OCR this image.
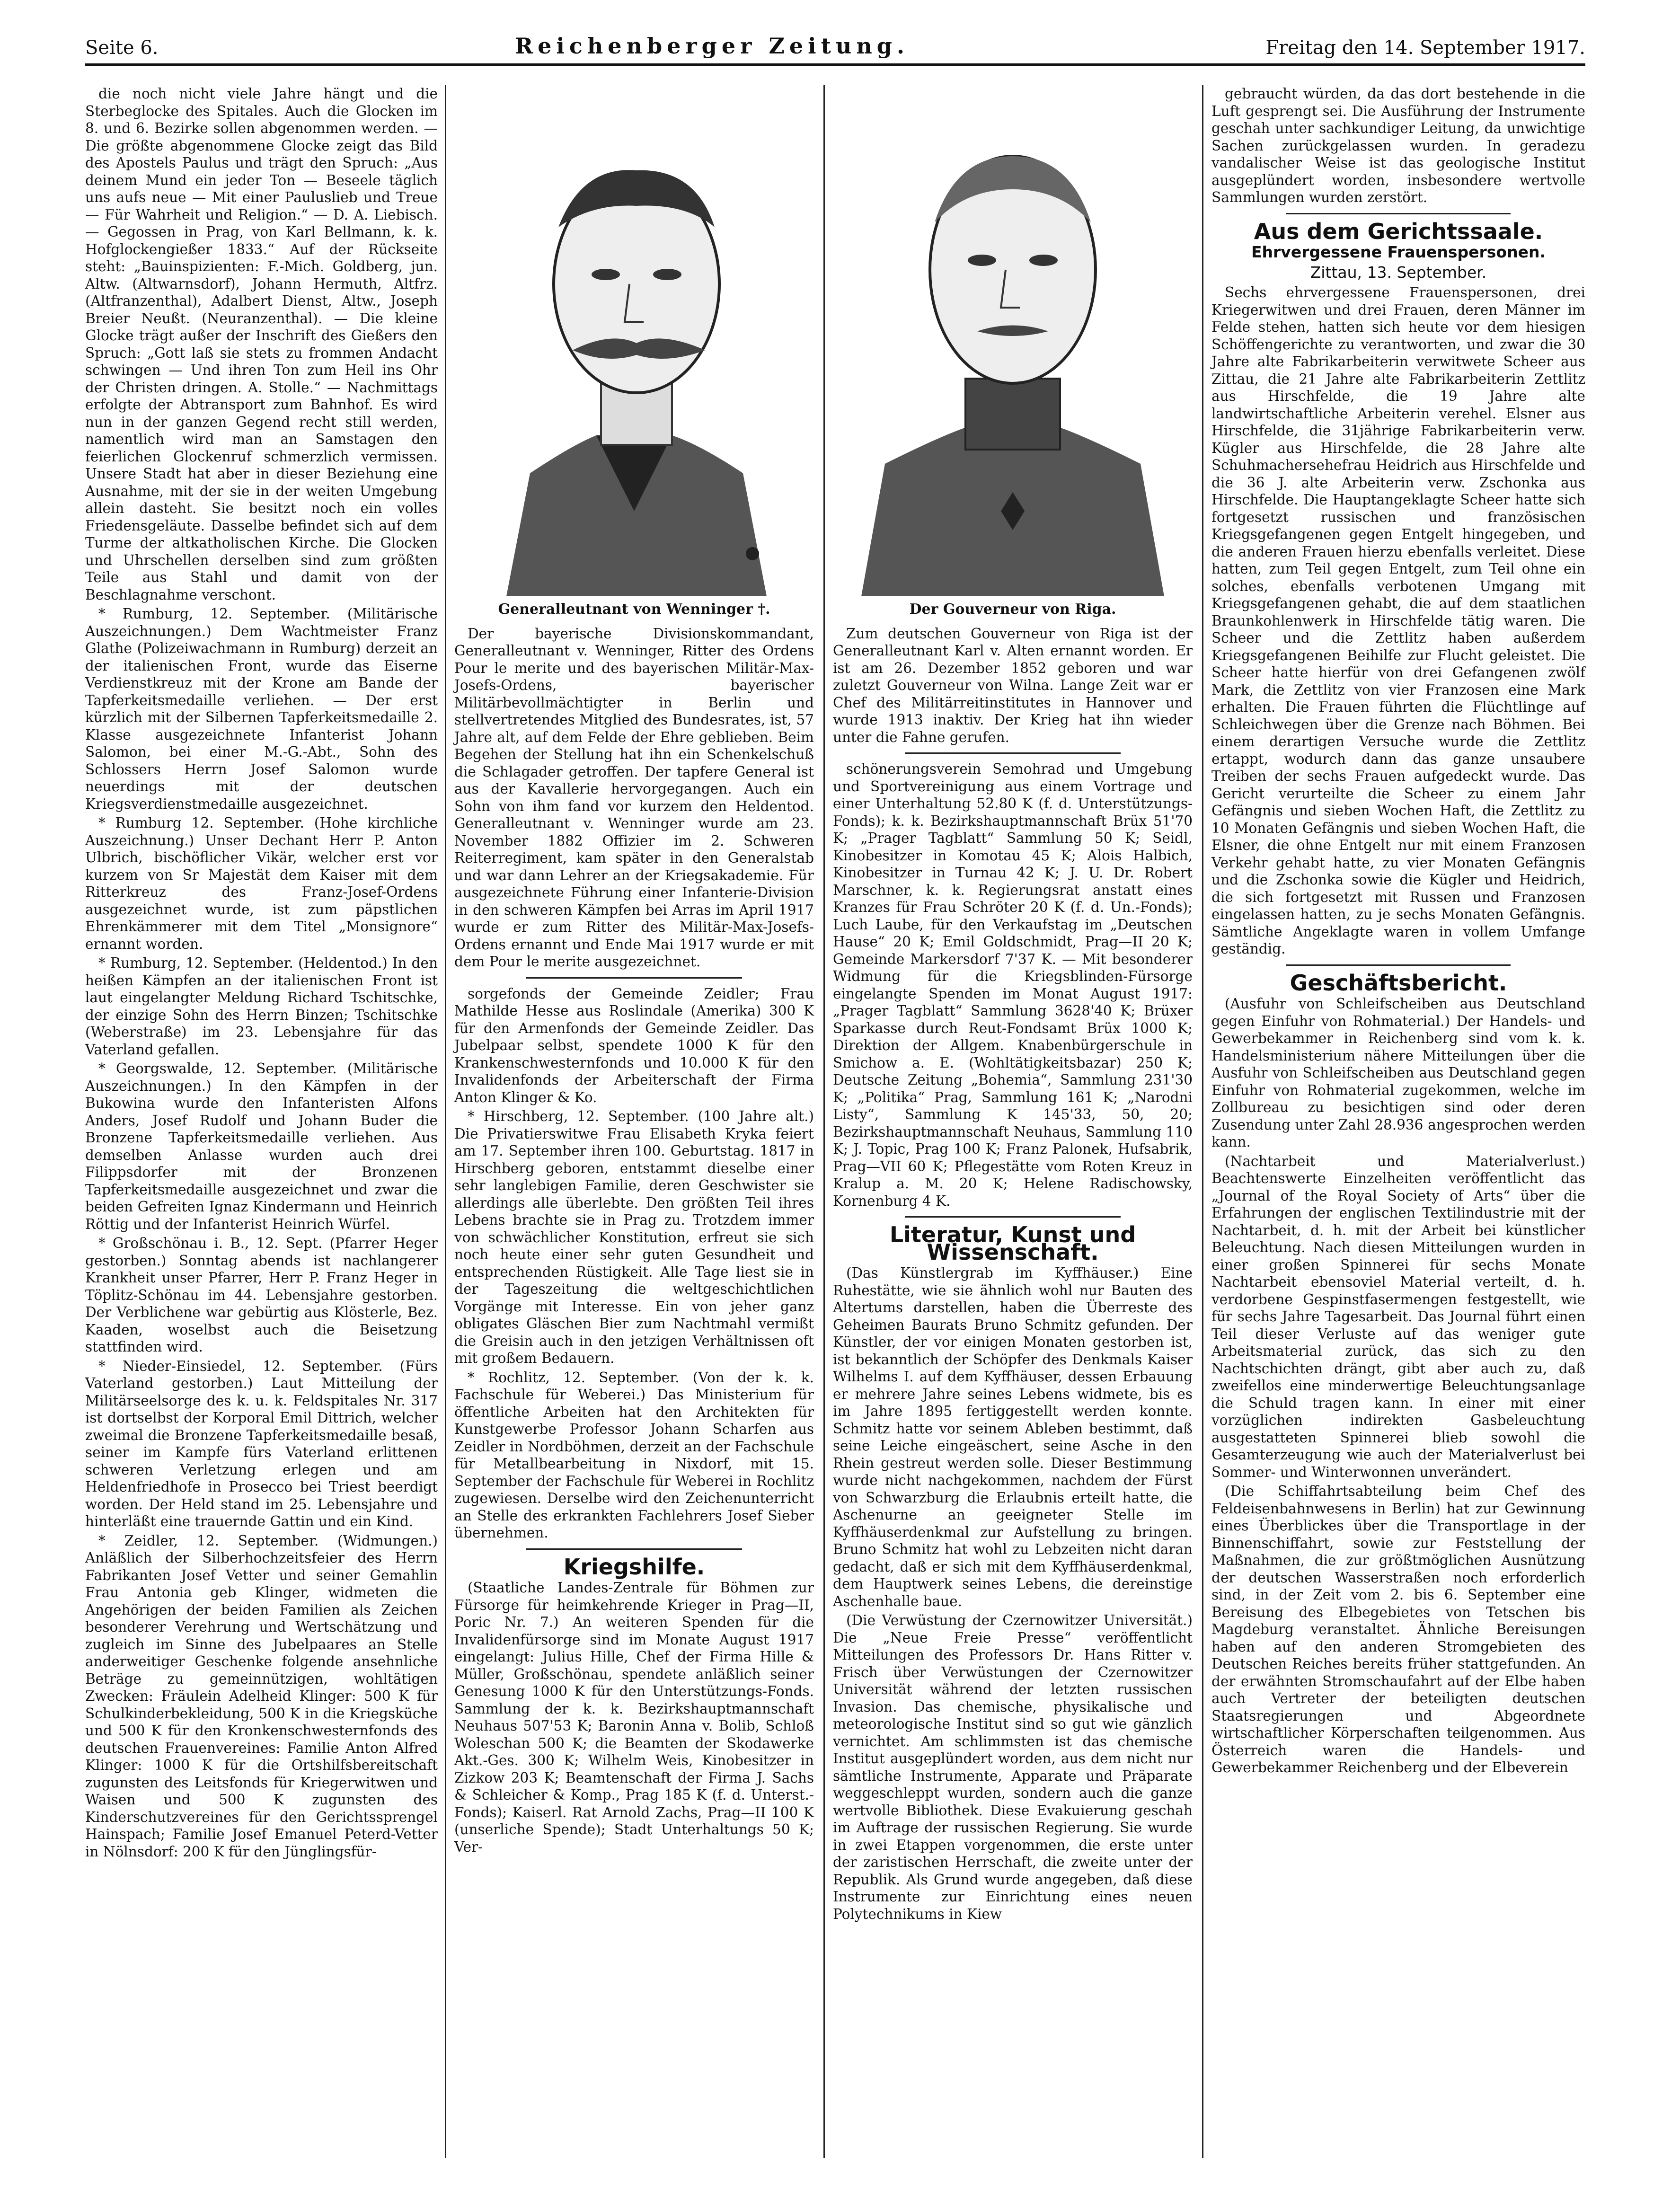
Seite 6.	Reichenberger Zeitung.	Freitag den 14. September 1917.

die noch nicht viele Jahre hängt und die Sterbeglocke des Spitales. Auch die Glocken im 8. und 6. Bezirke sollen abgenommen werden. — Die größte abgenommene Glocke zeigt das Bild des Apostels Paulus und trägt den Spruch: „Aus deinem Mund ein jeder Ton — Beseele täglich uns aufs neue — Mit einer Pauluslieb und Treue — Für Wahrheit und Religion.“ — D. A. Liebisch. — Gegossen in Prag, von Karl Bellmann, k. k. Hofglockengießer 1833.“ Auf der Rückseite steht: „Bauinspizienten: F.-Mich. Goldberg, jun. Altw. (Altwarnsdorf), Johann Hermuth, Altfrz. (Altfranzenthal), Adalbert Dienst, Altw., Joseph Breier Neußt. (Neuranzenthal). — Die kleine Glocke trägt außer der Inschrift des Gießers den Spruch: „Gott laß sie stets zu frommen Andacht schwingen — Und ihren Ton zum Heil ins Ohr der Christen dringen. A. Stolle.“ — Nachmittags erfolgte der Abtransport zum Bahnhof. Es wird nun in der ganzen Gegend recht still werden, namentlich wird man an Samstagen den feierlichen Glockenruf schmerzlich vermissen. Unsere Stadt hat aber in dieser Beziehung eine Ausnahme, mit der sie in der weiten Umgebung allein dasteht. Sie besitzt noch ein volles Friedensgeläute. Dasselbe befindet sich auf dem Turme der altkatholischen Kirche. Die Glocken und Uhrschellen derselben sind zum größten Teile aus Stahl und damit von der Beschlagnahme verschont.

* Rumburg, 12. September. (Militärische Auszeichnungen.) Dem Wachtmeister Franz Glathe (Polizeiwachmann in Rumburg) derzeit an der italienischen Front, wurde das Eiserne Verdienstkreuz mit der Krone am Bande der Tapferkeitsmedaille verliehen. — Der erst kürzlich mit der Silbernen Tapferkeitsmedaille 2. Klasse ausgezeichnete Infanterist Johann Salomon, bei einer M.-G.-Abt., Sohn des Schlossers Herrn Josef Salomon wurde neuerdings mit der deutschen Kriegsverdienstmedaille ausgezeichnet.

* Rumburg 12. September. (Hohe kirchliche Auszeichnung.) Unser Dechant Herr P. Anton Ulbrich, bischöflicher Vikär, welcher erst vor kurzem von Sr Majestät dem Kaiser mit dem Ritterkreuz des Franz-Josef-Ordens ausgezeichnet wurde, ist zum päpstlichen Ehrenkämmerer mit dem Titel „Monsignore“ ernannt worden.

* Rumburg, 12. September. (Heldentod.) In den heißen Kämpfen an der italienischen Front ist laut eingelangter Meldung Richard Tschitschke, der einzige Sohn des Herrn Binzen; Tschitschke (Weberstraße) im 23. Lebensjahre für das Vaterland gefallen.

* Georgswalde, 12. September. (Militärische Auszeichnungen.) In den Kämpfen in der Bukowina wurde den Infanteristen Alfons Anders, Josef Rudolf und Johann Buder die Bronzene Tapferkeitsmedaille verliehen. Aus demselben Anlasse wurden auch drei Filippsdorfer mit der Bronzenen Tapferkeitsmedaille ausgezeichnet und zwar die beiden Gefreiten Ignaz Kindermann und Heinrich Röttig und der Infanterist Heinrich Würfel.

* Großschönau i. B., 12. Sept. (Pfarrer Heger gestorben.) Sonntag abends ist nachlangerer Krankheit unser Pfarrer, Herr P. Franz Heger in Töplitz-Schönau im 44. Lebensjahre gestorben. Der Verblichene war gebürtig aus Klösterle, Bez. Kaaden, woselbst auch die Beisetzung stattfinden wird.

* Nieder-Einsiedel, 12. September. (Fürs Vaterland gestorben.) Laut Mitteilung der Militärseelsorge des k. u. k. Feldspitales Nr. 317 ist dortselbst der Korporal Emil Dittrich, welcher zweimal die Bronzene Tapferkeitsmedaille besaß, seiner im Kampfe fürs Vaterland erlittenen schweren Verletzung erlegen und am Heldenfriedhofe in Prosecco bei Triest beerdigt worden. Der Held stand im 25. Lebensjahre und hinterläßt eine trauernde Gattin und ein Kind.

* Zeidler, 12. September. (Widmungen.) Anläßlich der Silberhochzeitsfeier des Herrn Fabrikanten Josef Vetter und seiner Gemahlin Frau Antonia geb Klinger, widmeten die Angehörigen der beiden Familien als Zeichen besonderer Verehrung und Wertschätzung und zugleich im Sinne des Jubelpaares an Stelle anderweitiger Geschenke folgende ansehnliche Beträge zu gemeinnützigen, wohltätigen Zwecken: Fräulein Adelheid Klinger: 500 K für Schulkinderbekleidung, 500 K in die Kriegsküche und 500 K für den Kronkenschwesternfonds des deutschen Frauenvereines: Familie Anton Alfred Klinger: 1000 K für die Ortshilfsbereitschaft zugunsten des Leitsfonds für Kriegerwitwen und Waisen und 500 K zugunsten des Kinderschutzvereines für den Gerichtssprengel Hainspach; Familie Josef Emanuel Peterd-Vetter in Nölnsdorf: 200 K für den Jünglingsfür-

Generalleutnant von Wenninger †.

Der bayerische Divisionskommandant, Generalleutnant v. Wenninger, Ritter des Ordens Pour le merite und des bayerischen Militär-Max-Josefs-Ordens, bayerischer Militärbevollmächtigter in Berlin und stellvertretendes Mitglied des Bundesrates, ist, 57 Jahre alt, auf dem Felde der Ehre geblieben. Beim Begehen der Stellung hat ihn ein Schenkelschuß die Schlagader getroffen. Der tapfere General ist aus der Kavallerie hervorgegangen. Auch ein Sohn von ihm fand vor kurzem den Heldentod. Generalleutnant v. Wenninger wurde am 23. November 1882 Offizier im 2. Schweren Reiterregiment, kam später in den Generalstab und war dann Lehrer an der Kriegsakademie. Für ausgezeichnete Führung einer Infanterie-Division in den schweren Kämpfen bei Arras im April 1917 wurde er zum Ritter des Militär-Max-Josefs-Ordens ernannt und Ende Mai 1917 wurde er mit dem Pour le merite ausgezeichnet.

sorgefonds der Gemeinde Zeidler; Frau Mathilde Hesse aus Roslindale (Amerika) 300 K für den Armenfonds der Gemeinde Zeidler. Das Jubelpaar selbst, spendete 1000 K für den Krankenschwesternfonds und 10.000 K für den Invalidenfonds der Arbeiterschaft der Firma Anton Klinger & Ko.

* Hirschberg, 12. September. (100 Jahre alt.) Die Privatierswitwe Frau Elisabeth Kryka feiert am 17. September ihren 100. Geburtstag. 1817 in Hirschberg geboren, entstammt dieselbe einer sehr langlebigen Familie, deren Geschwister sie allerdings alle überlebte. Den größten Teil ihres Lebens brachte sie in Prag zu. Trotzdem immer von schwächlicher Konstitution, erfreut sie sich noch heute einer sehr guten Gesundheit und entsprechenden Rüstigkeit. Alle Tage liest sie in der Tageszeitung die weltgeschichtlichen Vorgänge mit Interesse. Ein von jeher ganz obligates Gläschen Bier zum Nachtmahl vermißt die Greisin auch in den jetzigen Verhältnissen oft mit großem Bedauern.

* Rochlitz, 12. September. (Von der k. k. Fachschule für Weberei.) Das Ministerium für öffentliche Arbeiten hat den Architekten für Kunstgewerbe Professor Johann Scharfen aus Zeidler in Nordböhmen, derzeit an der Fachschule für Metallbearbeitung in Nixdorf, mit 15. September der Fachschule für Weberei in Rochlitz zugewiesen. Derselbe wird den Zeichenunterricht an Stelle des erkrankten Fachlehrers Josef Sieber übernehmen.

Kriegshilfe.

(Staatliche Landes-Zentrale für Böhmen zur Fürsorge für heimkehrende Krieger in Prag—II, Poric Nr. 7.) An weiteren Spenden für die Invalidenfürsorge sind im Monate August 1917 eingelangt: Julius Hille, Chef der Firma Hille & Müller, Großschönau, spendete anläßlich seiner Genesung 1000 K für den Unterstützungs-Fonds. Sammlung der k. k. Bezirkshauptmannschaft Neuhaus 507'53 K; Baronin Anna v. Bolib, Schloß Woleschan 500 K; die Beamten der Skodawerke Akt.-Ges. 300 K; Wilhelm Weis, Kinobesitzer in Zizkow 203 K; Beamtenschaft der Firma J. Sachs & Schleicher & Komp., Prag 185 K (f. d. Unterst.-Fonds); Kaiserl. Rat Arnold Zachs, Prag—II 100 K (unserliche Spende); Stadt Unterhaltungs 50 K; Ver-

Der Gouverneur von Riga.

Zum deutschen Gouverneur von Riga ist der Generalleutnant Karl v. Alten ernannt worden. Er ist am 26. Dezember 1852 geboren und war zuletzt Gouverneur von Wilna. Lange Zeit war er Chef des Militärreitinstitutes in Hannover und wurde 1913 inaktiv. Der Krieg hat ihn wieder unter die Fahne gerufen.

schönerungsverein Semohrad und Umgebung und Sportvereinigung aus einem Vortrage und einer Unterhaltung 52.80 K (f. d. Unterstützungs-Fonds); k. k. Bezirkshauptmannschaft Brüx 51'70 K; „Prager Tagblatt“ Sammlung 50 K; Seidl, Kinobesitzer in Komotau 45 K; Alois Halbich, Kinobesitzer in Turnau 42 K; J. U. Dr. Robert Marschner, k. k. Regierungsrat anstatt eines Kranzes für Frau Schröter 20 K (f. d. Un.-Fonds); Luch Laube, für den Verkaufstag im „Deutschen Hause“ 20 K; Emil Goldschmidt, Prag—II 20 K; Gemeinde Markersdorf 7'37 K. — Mit besonderer Widmung für die Kriegsblinden-Fürsorge eingelangte Spenden im Monat August 1917: „Prager Tagblatt“ Sammlung 3628'40 K; Brüxer Sparkasse durch Reut-Fondsamt Brüx 1000 K; Direktion der Allgem. Knabenbürgerschule in Smichow a. E. (Wohltätigkeitsbazar) 250 K; Deutsche Zeitung „Bohemia“, Sammlung 231'30 K; „Politika“ Prag, Sammlung 161 K; „Narodni Listy“, Sammlung K 145'33, 50, 20; Bezirkshauptmannschaft Neuhaus, Sammlung 110 K; J. Topic, Prag 100 K; Franz Palonek, Hufsabrik, Prag—VII 60 K; Pflegestätte vom Roten Kreuz in Kralup a. M. 20 K; Helene Radischowsky, Kornenburg 4 K.

Literatur, Kunst und Wissenschaft.

(Das Künstlergrab im Kyffhäuser.) Eine Ruhestätte, wie sie ähnlich wohl nur Bauten des Altertums darstellen, haben die Überreste des Geheimen Baurats Bruno Schmitz gefunden. Der Künstler, der vor einigen Monaten gestorben ist, ist bekanntlich der Schöpfer des Denkmals Kaiser Wilhelms I. auf dem Kyffhäuser, dessen Erbauung er mehrere Jahre seines Lebens widmete, bis es im Jahre 1895 fertiggestellt werden konnte. Schmitz hatte vor seinem Ableben bestimmt, daß seine Leiche eingeäschert, seine Asche in den Rhein gestreut werden solle. Dieser Bestimmung wurde nicht nachgekommen, nachdem der Fürst von Schwarzburg die Erlaubnis erteilt hatte, die Aschenurne an geeigneter Stelle im Kyffhäuserdenkmal zur Aufstellung zu bringen. Bruno Schmitz hat wohl zu Lebzeiten nicht daran gedacht, daß er sich mit dem Kyffhäuserdenkmal, dem Hauptwerk seines Lebens, die dereinstige Aschenhalle baue.

(Die Verwüstung der Czernowitzer Universität.) Die „Neue Freie Presse“ veröffentlicht Mitteilungen des Professors Dr. Hans Ritter v. Frisch über Verwüstungen der Czernowitzer Universität während der letzten russischen Invasion. Das chemische, physikalische und meteorologische Institut sind so gut wie gänzlich vernichtet. Am schlimmsten ist das chemische Institut ausgeplündert worden, aus dem nicht nur sämtliche Instrumente, Apparate und Präparate weggeschleppt wurden, sondern auch die ganze wertvolle Bibliothek. Diese Evakuierung geschah im Auftrage der russischen Regierung. Sie wurde in zwei Etappen vorgenommen, die erste unter der zaristischen Herrschaft, die zweite unter der Republik. Als Grund wurde angegeben, daß diese Instrumente zur Einrichtung eines neuen Polytechnikums in Kiew

gebraucht würden, da das dort bestehende in die Luft gesprengt sei. Die Ausführung der Instrumente geschah unter sachkundiger Leitung, da unwichtige Sachen zurückgelassen wurden. In geradezu vandalischer Weise ist das geologische Institut ausgeplündert worden, insbesondere wertvolle Sammlungen wurden zerstört.

Aus dem Gerichtssaale.

Ehrvergessene Frauenspersonen.

Zittau, 13. September.

Sechs ehrvergessene Frauenspersonen, drei Kriegerwitwen und drei Frauen, deren Männer im Felde stehen, hatten sich heute vor dem hiesigen Schöffengerichte zu verantworten, und zwar die 30 Jahre alte Fabrikarbeiterin verwitwete Scheer aus Zittau, die 21 Jahre alte Fabrikarbeiterin Zettlitz aus Hirschfelde, die 19 Jahre alte landwirtschaftliche Arbeiterin verehel. Elsner aus Hirschfelde, die 31jährige Fabrikarbeiterin verw. Kügler aus Hirschfelde, die 28 Jahre alte Schuhmachersehefrau Heidrich aus Hirschfelde und die 36 J. alte Arbeiterin verw. Zschonka aus Hirschfelde. Die Hauptangeklagte Scheer hatte sich fortgesetzt russischen und französischen Kriegsgefangenen gegen Entgelt hingegeben, und die anderen Frauen hierzu ebenfalls verleitet. Diese hatten, zum Teil gegen Entgelt, zum Teil ohne ein solches, ebenfalls verbotenen Umgang mit Kriegsgefangenen gehabt, die auf dem staatlichen Braunkohlenwerk in Hirschfelde tätig waren. Die Scheer und die Zettlitz haben außerdem Kriegsgefangenen Beihilfe zur Flucht geleistet. Die Scheer hatte hierfür von drei Gefangenen zwölf Mark, die Zettlitz von vier Franzosen eine Mark erhalten. Die Frauen führten die Flüchtlinge auf Schleichwegen über die Grenze nach Böhmen. Bei einem derartigen Versuche wurde die Zettlitz ertappt, wodurch dann das ganze unsaubere Treiben der sechs Frauen aufgedeckt wurde. Das Gericht verurteilte die Scheer zu einem Jahr Gefängnis und sieben Wochen Haft, die Zettlitz zu 10 Monaten Gefängnis und sieben Wochen Haft, die Elsner, die ohne Entgelt nur mit einem Franzosen Verkehr gehabt hatte, zu vier Monaten Gefängnis und die Zschonka sowie die Kügler und Heidrich, die sich fortgesetzt mit Russen und Franzosen eingelassen hatten, zu je sechs Monaten Gefängnis. Sämtliche Angeklagte waren in vollem Umfange geständig.

Geschäftsbericht.

(Ausfuhr von Schleifscheiben aus Deutschland gegen Einfuhr von Rohmaterial.) Der Handels- und Gewerbekammer in Reichenberg sind vom k. k. Handelsministerium nähere Mitteilungen über die Ausfuhr von Schleifscheiben aus Deutschland gegen Einfuhr von Rohmaterial zugekommen, welche im Zollbureau zu besichtigen sind oder deren Zusendung unter Zahl 28.936 angesprochen werden kann.

(Nachtarbeit und Materialverlust.) Beachtenswerte Einzelheiten veröffentlicht das „Journal of the Royal Society of Arts“ über die Erfahrungen der englischen Textilindustrie mit der Nachtarbeit, d. h. mit der Arbeit bei künstlicher Beleuchtung. Nach diesen Mitteilungen wurden in einer großen Spinnerei für sechs Monate Nachtarbeit ebensoviel Material verteilt, d. h. verdorbene Gespinstfasermengen festgestellt, wie für sechs Jahre Tagesarbeit. Das Journal führt einen Teil dieser Verluste auf das weniger gute Arbeitsmaterial zurück, das sich zu den Nachtschichten drängt, gibt aber auch zu, daß zweifellos eine minderwertige Beleuchtungsanlage die Schuld tragen kann. In einer mit einer vorzüglichen indirekten Gasbeleuchtung ausgestatteten Spinnerei blieb sowohl die Gesamterzeugung wie auch der Materialverlust bei Sommer- und Winterwonnen unverändert.

(Die Schiffahrtsabteilung beim Chef des Feldeisenbahnwesens in Berlin) hat zur Gewinnung eines Überblickes über die Transportlage in der Binnenschiffahrt, sowie zur Feststellung der Maßnahmen, die zur größtmöglichen Ausnützung der deutschen Wasserstraßen noch erforderlich sind, in der Zeit vom 2. bis 6. September eine Bereisung des Elbegebietes von Tetschen bis Magdeburg veranstaltet. Ähnliche Bereisungen haben auf den anderen Stromgebieten des Deutschen Reiches bereits früher stattgefunden. An der erwähnten Stromschaufahrt auf der Elbe haben auch Vertreter der beteiligten deutschen Staatsregierungen und Abgeordnete wirtschaftlicher Körperschaften teilgenommen. Aus Österreich waren die Handels- und Gewerbekammer Reichenberg und der Elbeverein
